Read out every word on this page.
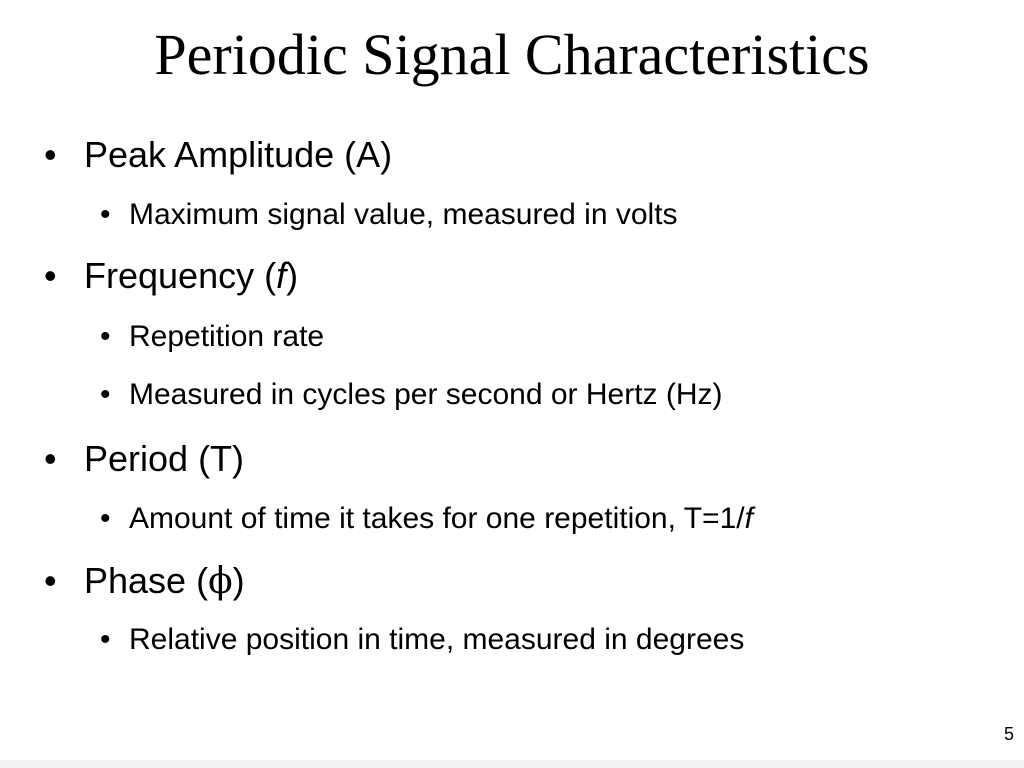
Periodic Signal Characteristics
• Peak Amplitude (A)
• Maximum signal value, measured in volts
• Frequency (f)
• Repetition rate
• Measured in cycles per second or Hertz (Hz)
• Period (T)
• Amount of time it takes for one repetition, T=1/f
• Phase (ϕ)
• Relative position in time, measured in degrees
5
